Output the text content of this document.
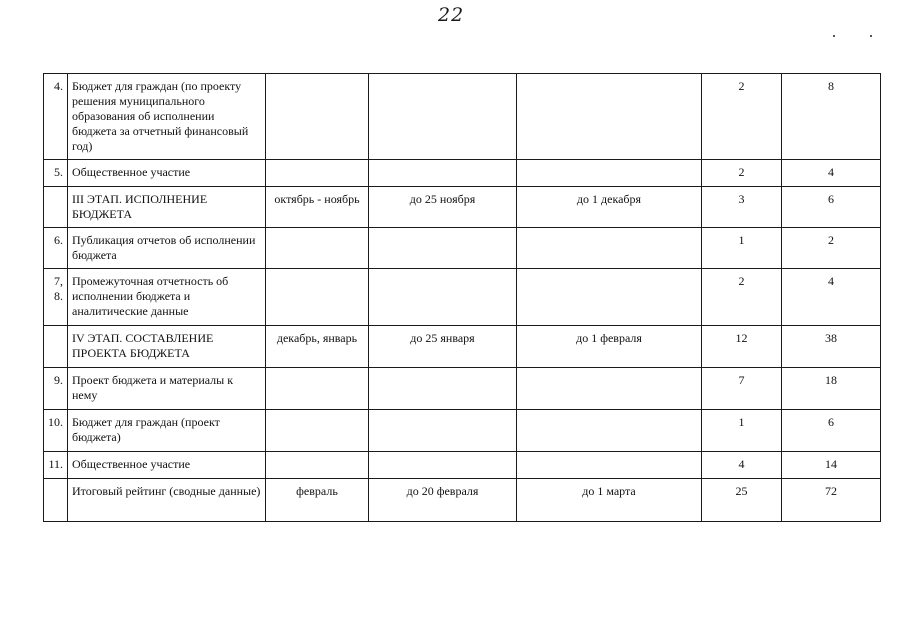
22
4.	Бюджет для граждан (по проекту решения муниципального образования об исполнении бюджета за отчетный финансовый год)				2	8
5.	Общественное участие				2	4
	III ЭТАП. ИСПОЛНЕНИЕ БЮДЖЕТА	октябрь - ноябрь	до 25 ноября	до 1 декабря	3	6
6.	Публикация отчетов об исполнении бюджета				1	2
7, 8.	Промежуточная отчетность об исполнении бюджета и аналитические данные				2	4
	IV ЭТАП. СОСТАВЛЕНИЕ ПРОЕКТА БЮДЖЕТА	декабрь, январь	до 25 января	до 1 февраля	12	38
9.	Проект бюджета и материалы к нему				7	18
10.	Бюджет для граждан (проект бюджета)				1	6
11.	Общественное участие				4	14
	Итоговый рейтинг (сводные данные)	февраль	до 20 февраля	до 1 марта	25	72
